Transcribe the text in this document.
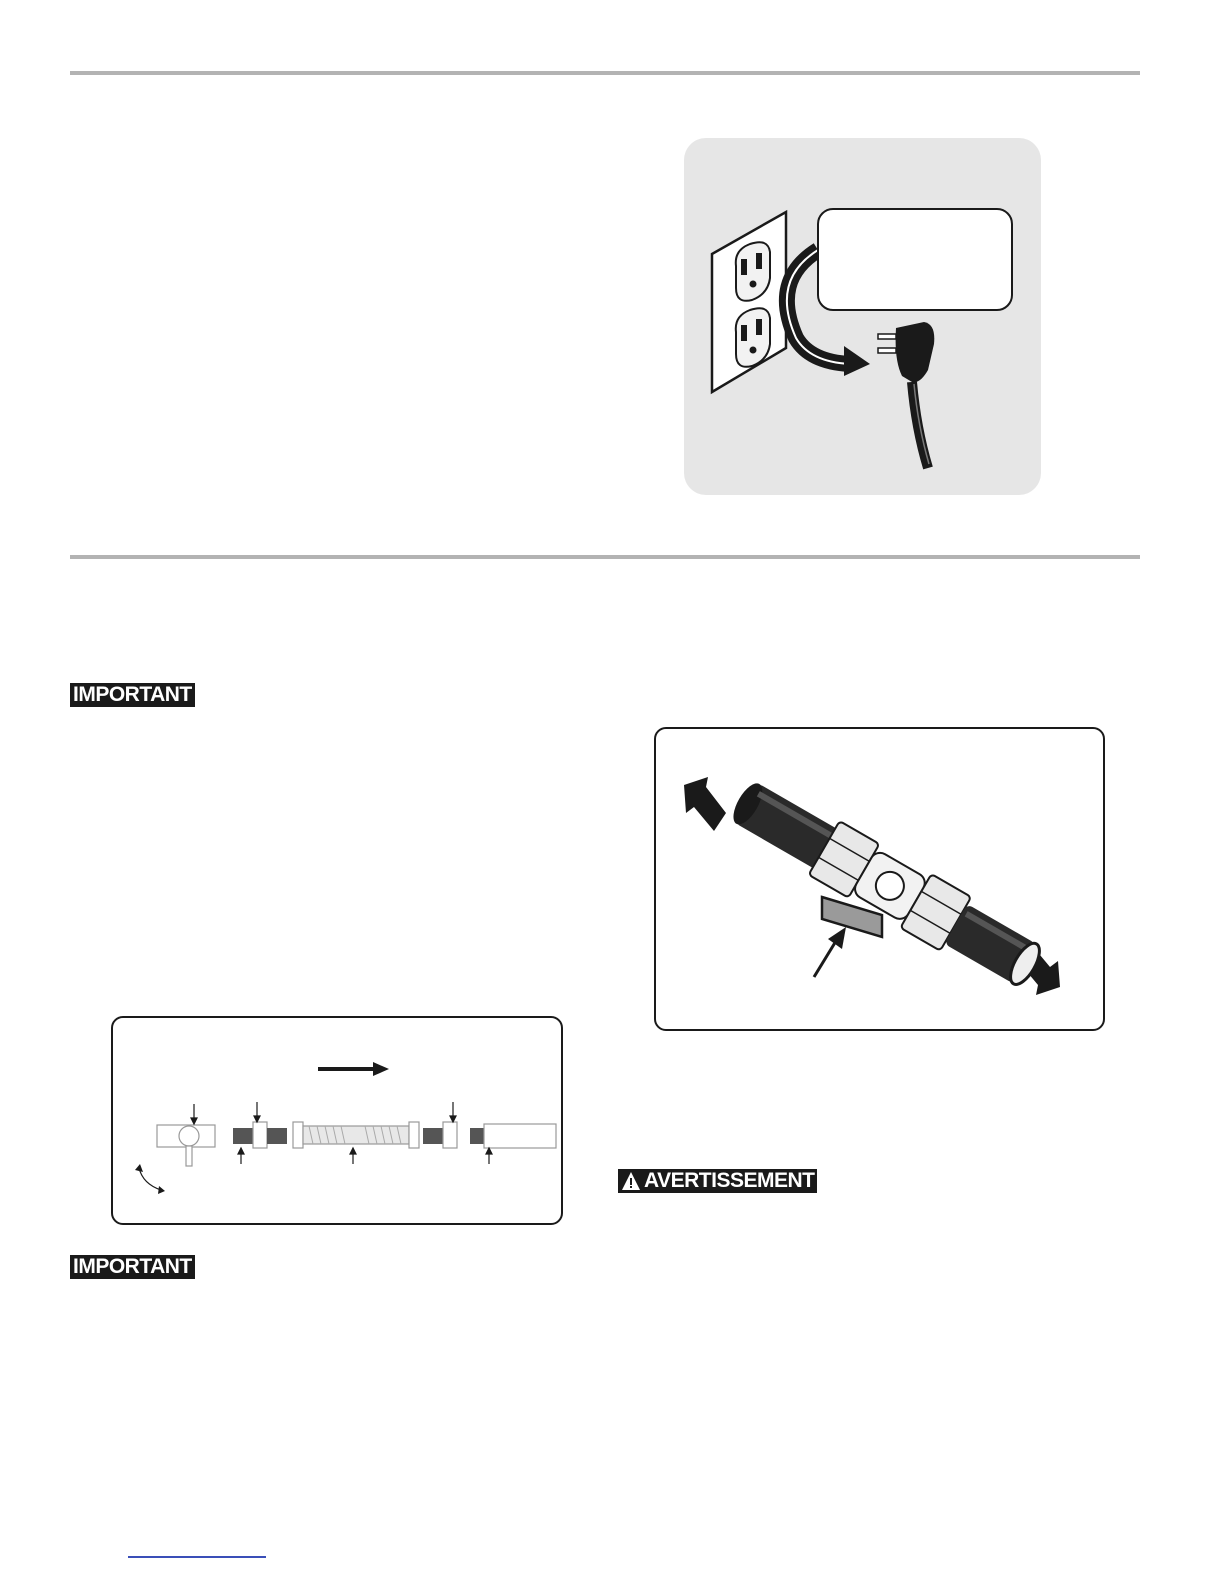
IMPORTANT
IMPORTANT
AVERTISSEMENT
